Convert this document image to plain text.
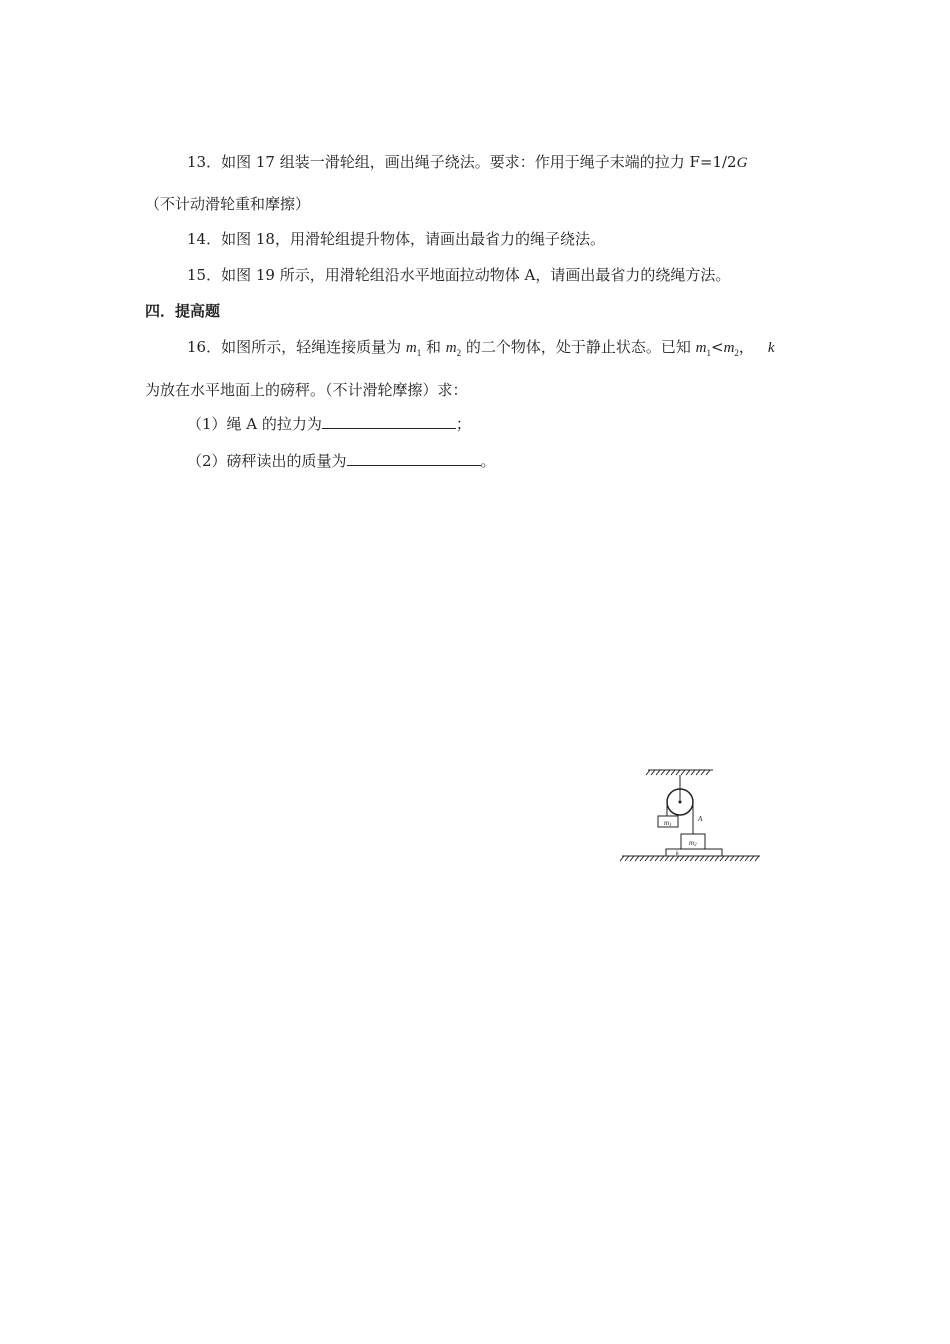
13．如图 17 组装一滑轮组，画出绳子绕法。要求：作用于绳子末端的拉力 F=1/2G
（不计动滑轮重和摩擦）
14．如图 18，用滑轮组提升物体，请画出最省力的绳子绕法。
15．如图 19 所示，用滑轮组沿水平地面拉动物体 A，请画出最省力的绕绳方法。
四．提高题
16．如图所示，轻绳连接质量为 $m_1$ 和 $m_2$ 的二个物体，处于静止状态。已知 $m_1<m_2$， k
为放在水平地面上的磅秤。（不计滑轮摩擦）求：
（1）绳 A 的拉力为	；
（2）磅秤读出的质量为	。
m1
A
m2
k
